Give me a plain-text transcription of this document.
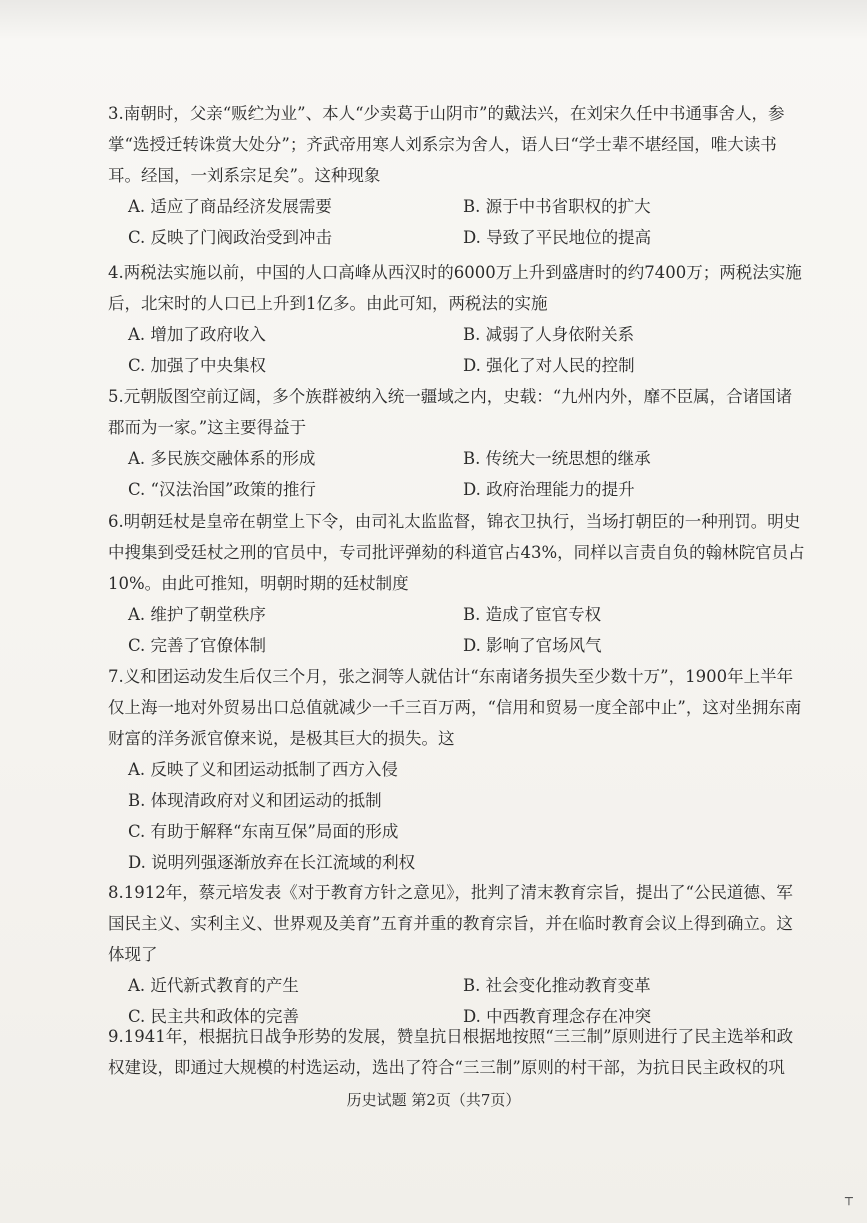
3.南朝时，父亲“贩纻为业”、本人“少卖葛于山阴市”的戴法兴，在刘宋久任中书通事舍人，参掌“选授迁转诛赏大处分”；齐武帝用寒人刘系宗为舍人，语人曰“学士辈不堪经国，唯大读书耳。经国，一刘系宗足矣”。这种现象

A. 适应了商品经济发展需要	B. 源于中书省职权的扩大

C. 反映了门阀政治受到冲击	D. 导致了平民地位的提高

4.两税法实施以前，中国的人口高峰从西汉时的6000万上升到盛唐时的约7400万；两税法实施后，北宋时的人口已上升到1亿多。由此可知，两税法的实施

A. 增加了政府收入	B. 减弱了人身依附关系

C. 加强了中央集权	D. 强化了对人民的控制

5.元朝版图空前辽阔，多个族群被纳入统一疆域之内，史载：“九州内外，靡不臣属，合诸国诸郡而为一家。”这主要得益于

A. 多民族交融体系的形成	B. 传统大一统思想的继承

C. “汉法治国”政策的推行	D. 政府治理能力的提升

6.明朝廷杖是皇帝在朝堂上下令，由司礼太监监督，锦衣卫执行，当场打朝臣的一种刑罚。明史中搜集到受廷杖之刑的官员中，专司批评弹劾的科道官占43%，同样以言责自负的翰林院官员占10%。由此可推知，明朝时期的廷杖制度

A. 维护了朝堂秩序	B. 造成了宦官专权

C. 完善了官僚体制	D. 影响了官场风气

7.义和团运动发生后仅三个月，张之洞等人就估计“东南诸务损失至少数十万”，1900年上半年仅上海一地对外贸易出口总值就减少一千三百万两，“信用和贸易一度全部中止”，这对坐拥东南财富的洋务派官僚来说，是极其巨大的损失。这

A. 反映了义和团运动抵制了西方入侵

B. 体现清政府对义和团运动的抵制

C. 有助于解释“东南互保”局面的形成

D. 说明列强逐渐放弃在长江流域的利权

8.1912年，蔡元培发表《对于教育方针之意见》，批判了清末教育宗旨，提出了“公民道德、军国民主义、实利主义、世界观及美育”五育并重的教育宗旨，并在临时教育会议上得到确立。这体现了

A. 近代新式教育的产生	B. 社会变化推动教育变革

C. 民主共和政体的完善	D. 中西教育理念存在冲突

9.1941年，根据抗日战争形势的发展，赞皇抗日根据地按照“三三制”原则进行了民主选举和政权建设，即通过大规模的村选运动，选出了符合“三三制”原则的村干部，为抗日民主政权的巩

历史试题 第2页（共7页）
┬
